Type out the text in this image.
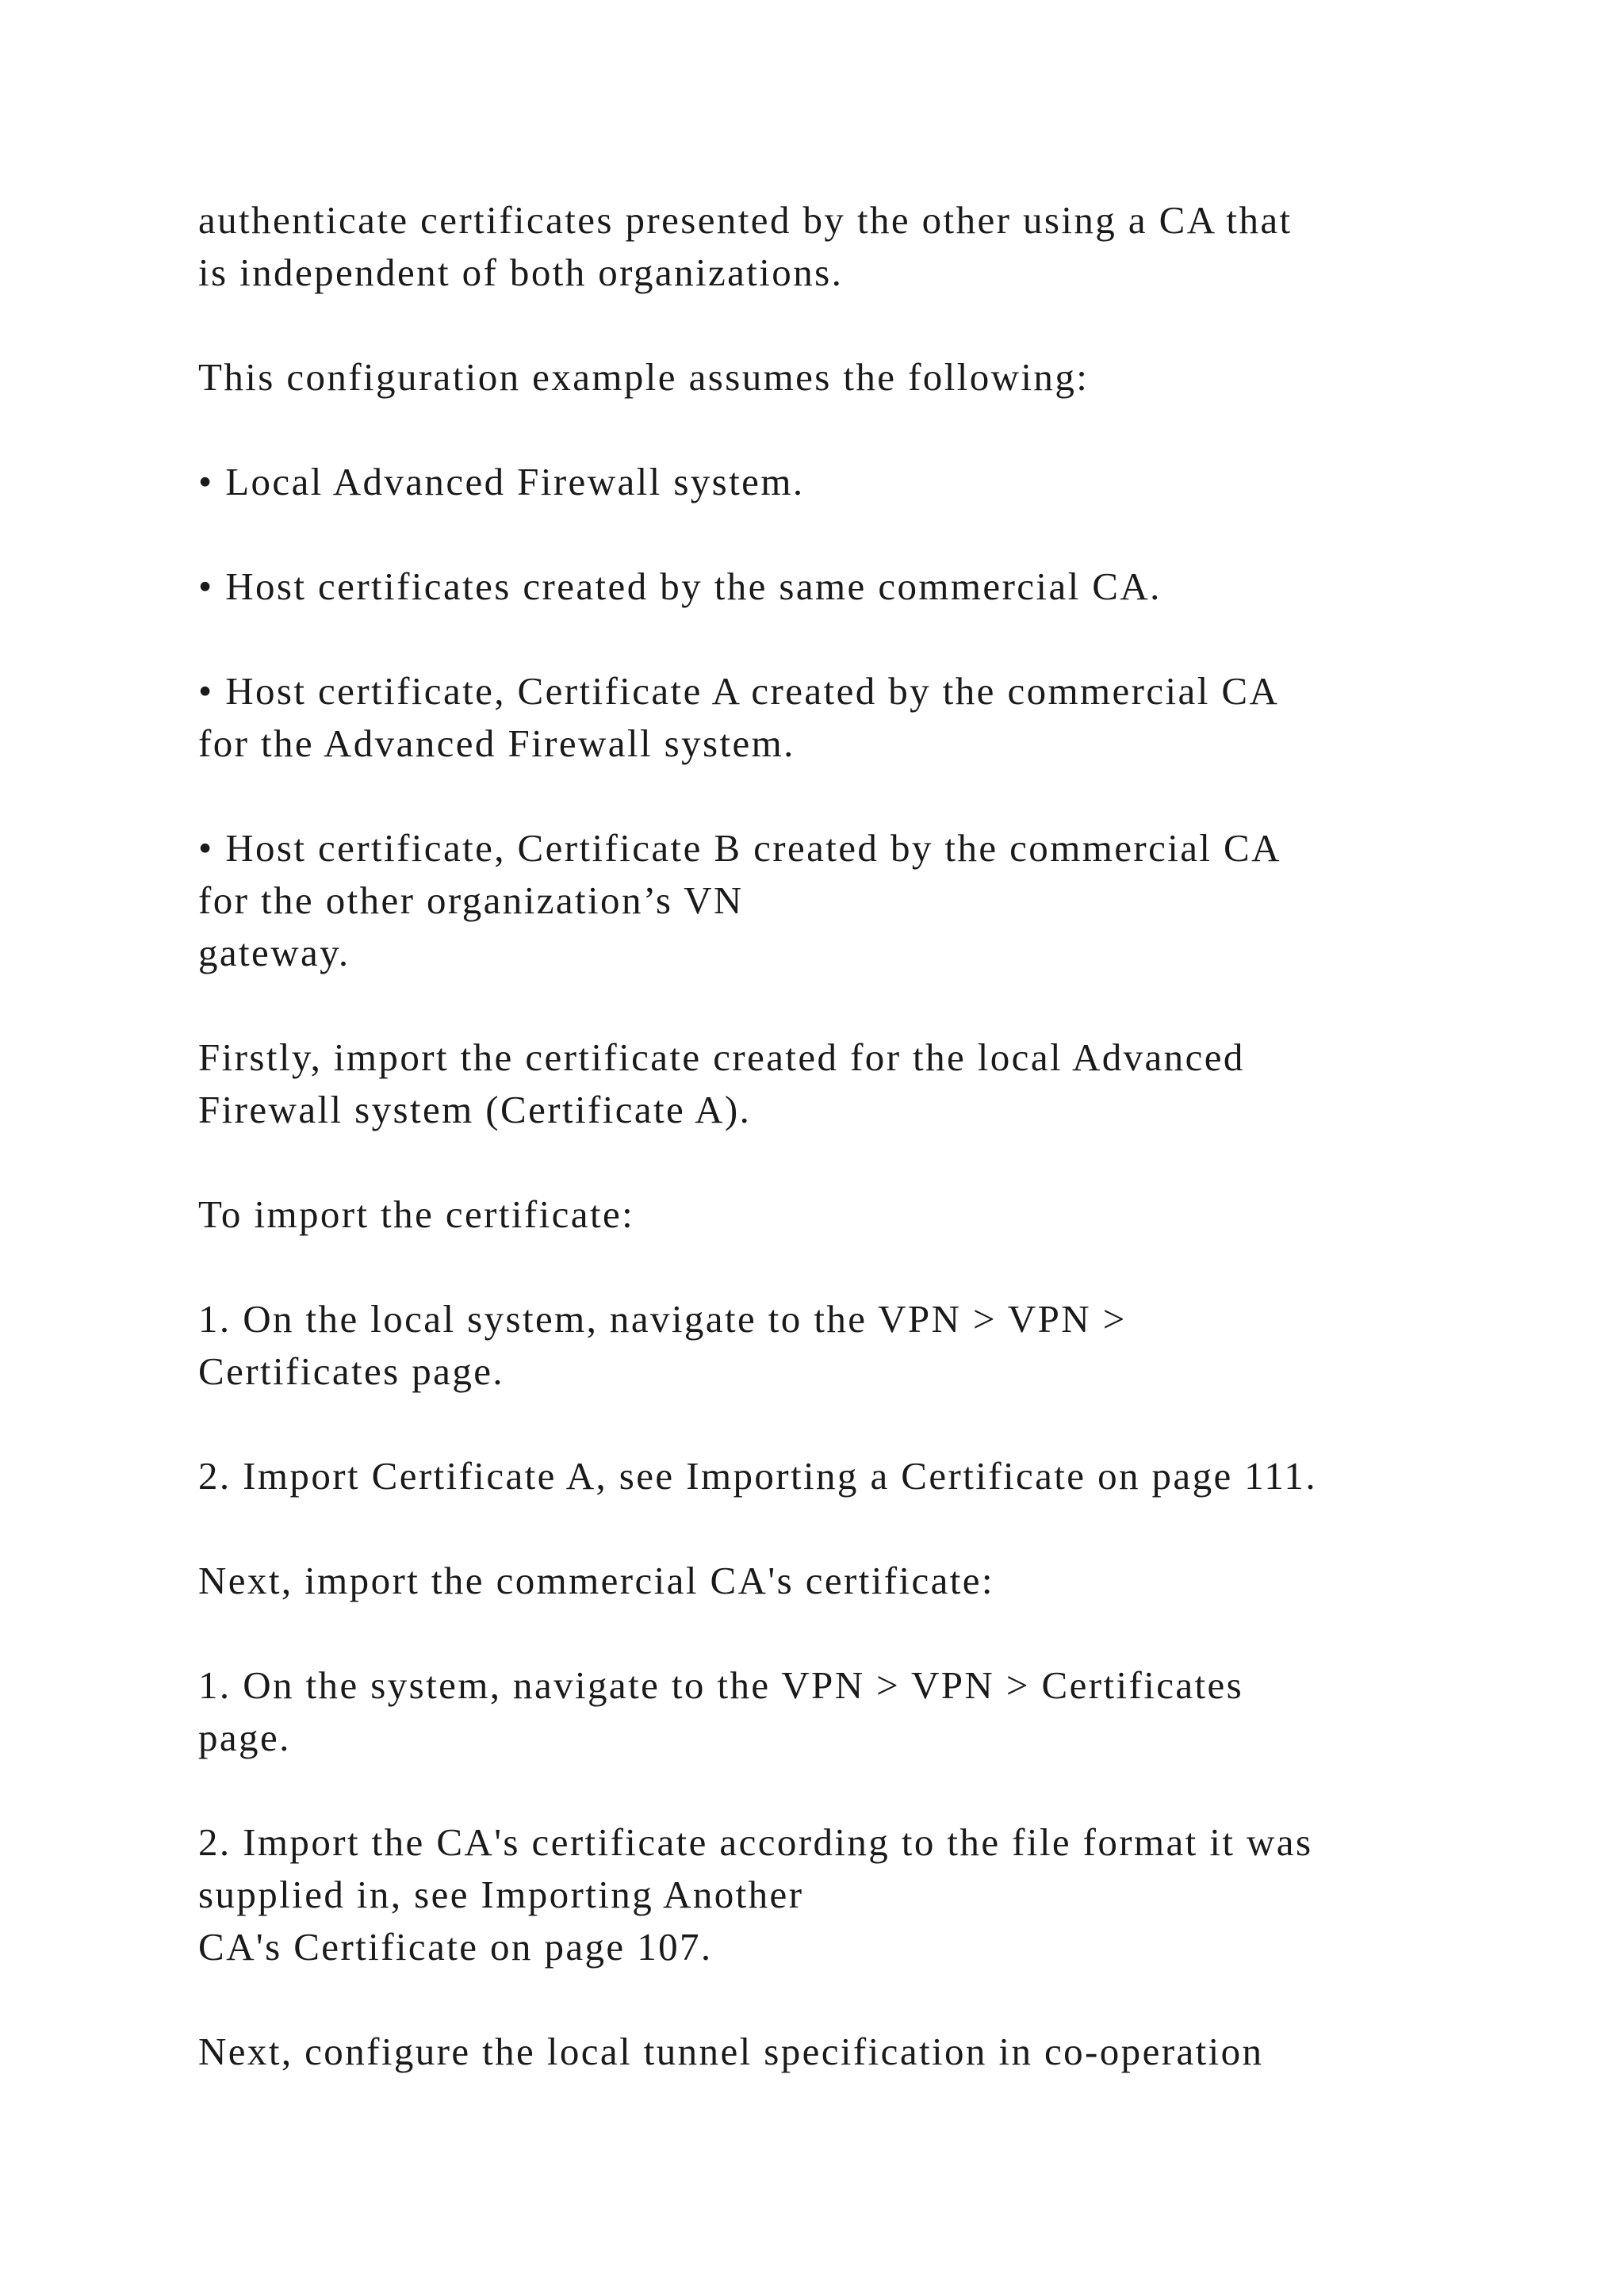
authenticate certificates presented by the other using a CA that
is independent of both organizations.

This configuration example assumes the following:

• Local Advanced Firewall system.

• Host certificates created by the same commercial CA.

• Host certificate, Certificate A created by the commercial CA
for the Advanced Firewall system.

• Host certificate, Certificate B created by the commercial CA
for the other organization’s VN
gateway.

Firstly, import the certificate created for the local Advanced
Firewall system (Certificate A).

To import the certificate:

1. On the local system, navigate to the VPN > VPN >
Certificates page.

2. Import Certificate A, see Importing a Certificate on page 111.

Next, import the commercial CA's certificate:

1. On the system, navigate to the VPN > VPN > Certificates
page.

2. Import the CA's certificate according to the file format it was
supplied in, see Importing Another
CA's Certificate on page 107.

Next, configure the local tunnel specification in co-operation
